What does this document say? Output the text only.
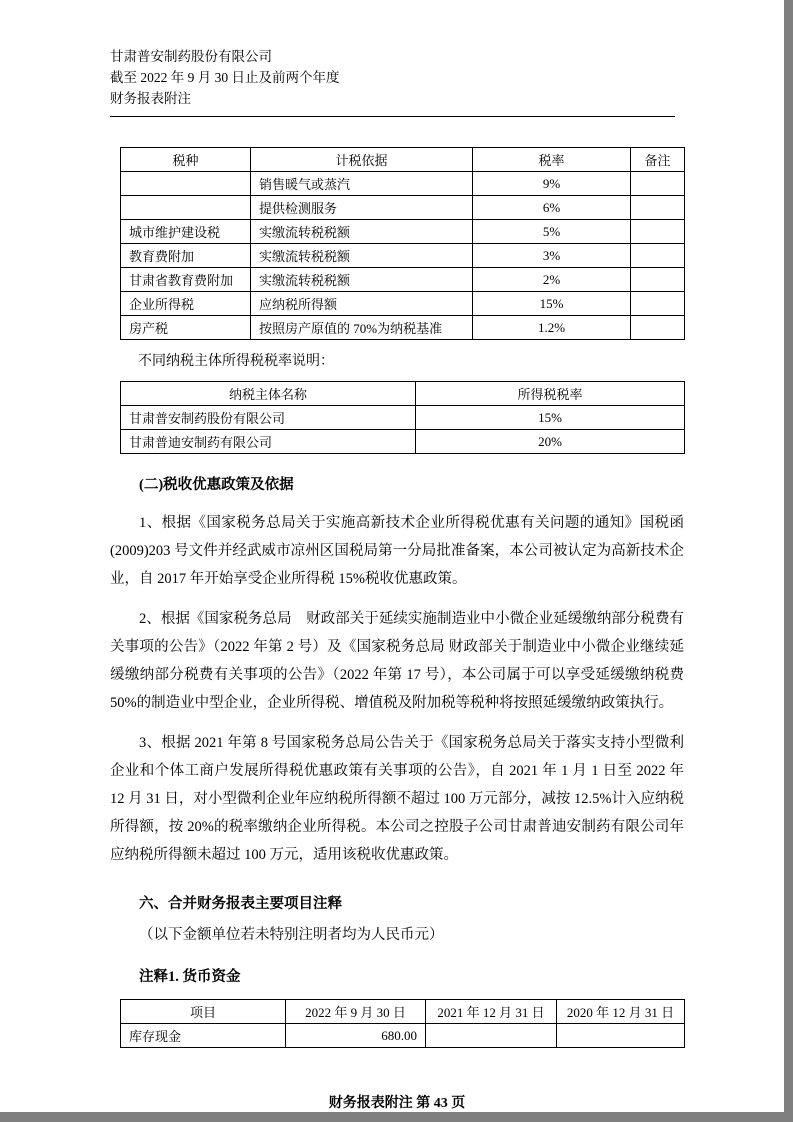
甘肃普安制药股份有限公司
截至 2022 年 9 月 30 日止及前两个年度
财务报表附注
税种	计税依据	税率	备注
	销售暖气或蒸汽	9%	
	提供检测服务	6%	
城市维护建设税	实缴流转税税额	5%	
教育费附加	实缴流转税税额	3%	
甘肃省教育费附加	实缴流转税税额	2%	
企业所得税	应纳税所得额	15%	
房产税	按照房产原值的 70%为纳税基准	1.2%	
不同纳税主体所得税税率说明：
纳税主体名称	所得税税率
甘肃普安制药股份有限公司	15%
甘肃普迪安制药有限公司	20%
(二)税收优惠政策及依据
1、根据《国家税务总局关于实施高新技术企业所得税优惠有关问题的通知》国税函(2009)203 号文件并经武威市凉州区国税局第一分局批准备案，本公司被认定为高新技术企业，自 2017 年开始享受企业所得税 15%税收优惠政策。
2、根据《国家税务总局　财政部关于延续实施制造业中小微企业延缓缴纳部分税费有关事项的公告》（2022 年第 2 号）及《国家税务总局 财政部关于制造业中小微企业继续延缓缴纳部分税费有关事项的公告》（2022 年第 17 号），本公司属于可以享受延缓缴纳税费 50%的制造业中型企业，企业所得税、增值税及附加税等税种将按照延缓缴纳政策执行。
3、根据 2021 年第 8 号国家税务总局公告关于《国家税务总局关于落实支持小型微利企业和个体工商户发展所得税优惠政策有关事项的公告》，自 2021 年 1 月 1 日至 2022 年 12 月 31 日，对小型微利企业年应纳税所得额不超过 100 万元部分，减按 12.5%计入应纳税所得额，按 20%的税率缴纳企业所得税。本公司之控股子公司甘肃普迪安制药有限公司年应纳税所得额未超过 100 万元，适用该税收优惠政策。
六、合并财务报表主要项目注释
（以下金额单位若未特别注明者均为人民币元）
注释1. 货币资金
项目	2022 年 9 月 30 日	2021 年 12 月 31 日	2020 年 12 月 31 日
库存现金	680.00		
财务报表附注 第 43 页
